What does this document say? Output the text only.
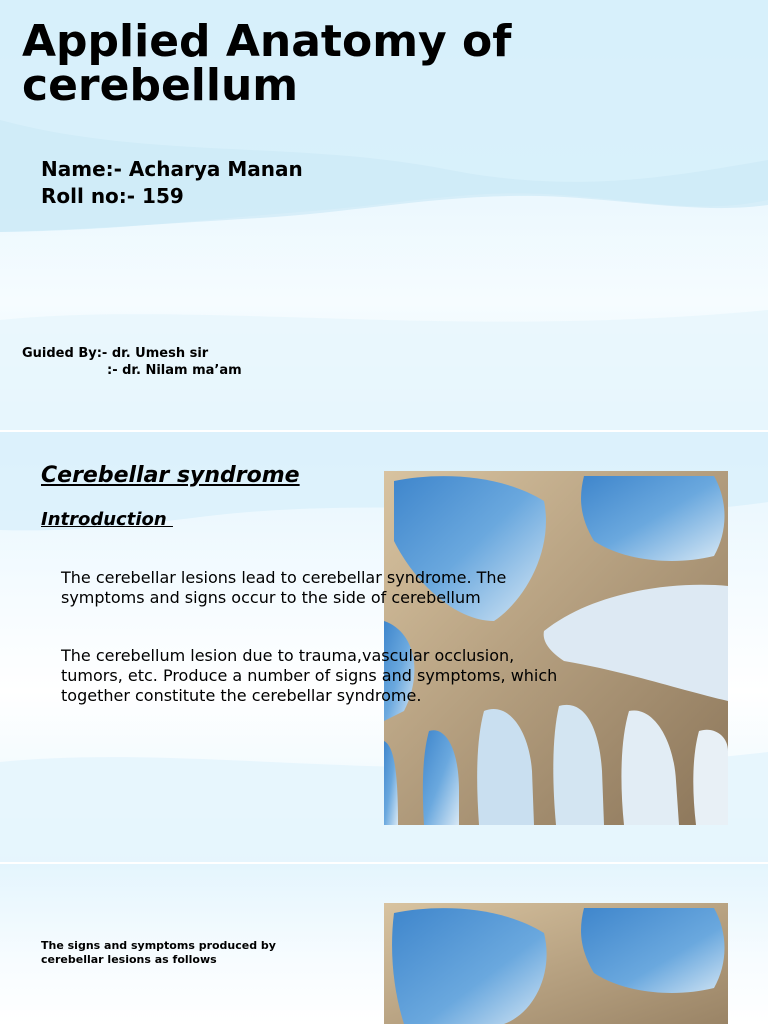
Applied Anatomy of cerebellum
Name:- Acharya Manan
Roll no:- 159
Guided By:- dr. Umesh sir
:- dr. Nilam ma’am
Cerebellar syndrome
Introduction
The cerebellar lesions lead to cerebellar syndrome. The symptoms and signs occur to the side of cerebellum
The cerebellum lesion due to trauma,vascular occlusion, tumors, etc. Produce a number of signs and symptoms, which together constitute the cerebellar syndrome.
The signs and symptoms produced by cerebellar lesions as follows
